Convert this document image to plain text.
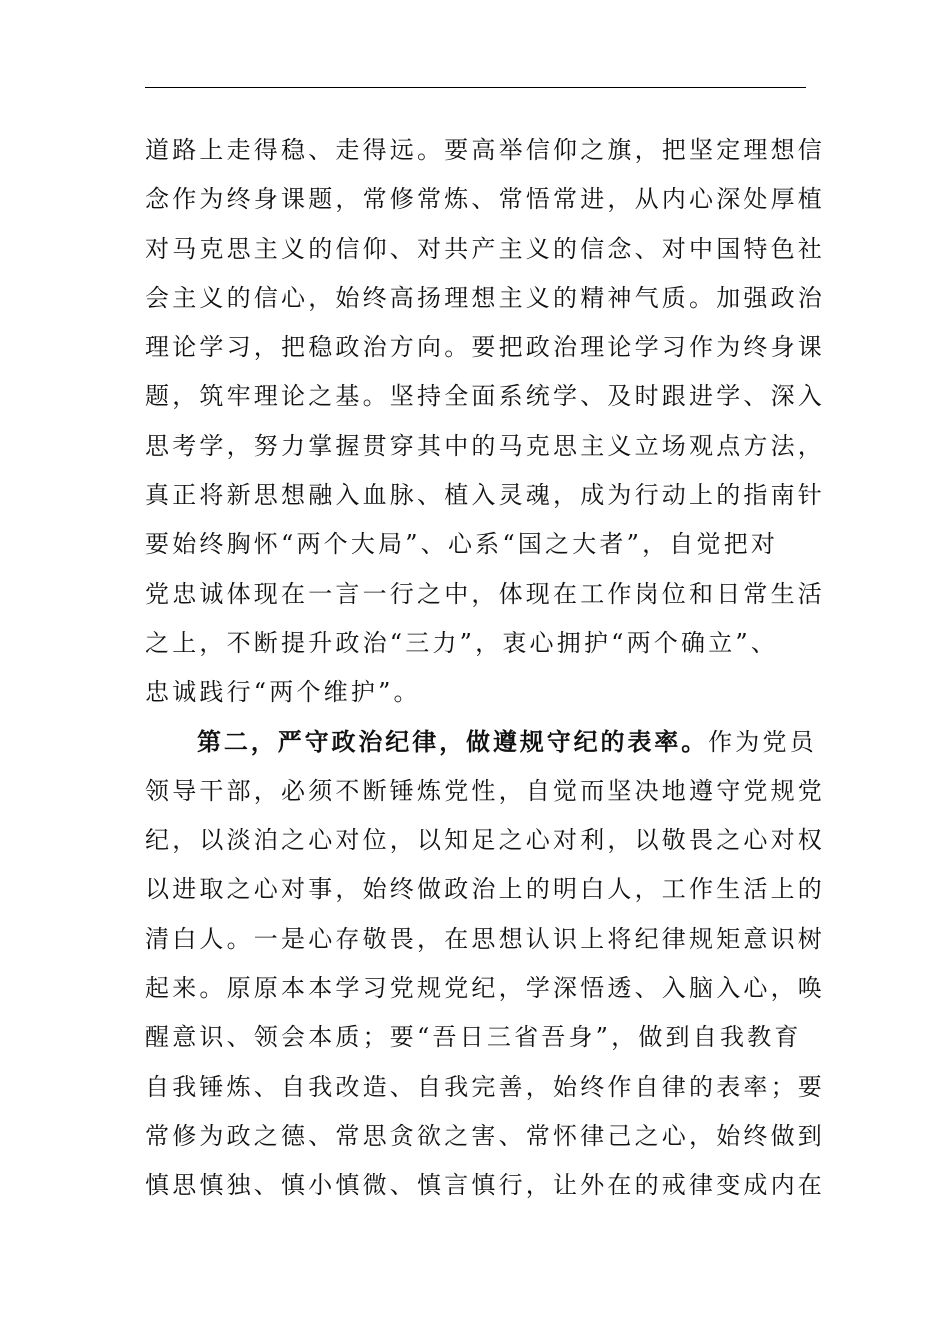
道路上走得稳、走得远。要高举信仰之旗，把坚定理想信
念作为终身课题，常修常炼、常悟常进，从内心深处厚植
对马克思主义的信仰、对共产主义的信念、对中国特色社
会主义的信心，始终高扬理想主义的精神气质。加强政治
理论学习，把稳政治方向。要把政治理论学习作为终身课
题，筑牢理论之基。坚持全面系统学、及时跟进学、深入
思考学，努力掌握贯穿其中的马克思主义立场观点方法，
真正将新思想融入血脉、植入灵魂，成为行动上的指南针
要始终胸怀“两个大局”、心系“国之大者”，自觉把对
党忠诚体现在一言一行之中，体现在工作岗位和日常生活
之上，不断提升政治“三力”，衷心拥护“两个确立”、
忠诚践行“两个维护”。
第二，严守政治纪律，做遵规守纪的表率。作为党员
领导干部，必须不断锤炼党性，自觉而坚决地遵守党规党
纪，以淡泊之心对位，以知足之心对利，以敬畏之心对权
以进取之心对事，始终做政治上的明白人，工作生活上的
清白人。一是心存敬畏，在思想认识上将纪律规矩意识树
起来。原原本本学习党规党纪，学深悟透、入脑入心，唤
醒意识、领会本质；要“吾日三省吾身”，做到自我教育
自我锤炼、自我改造、自我完善，始终作自律的表率；要
常修为政之德、常思贪欲之害、常怀律己之心，始终做到
慎思慎独、慎小慎微、慎言慎行，让外在的戒律变成内在
